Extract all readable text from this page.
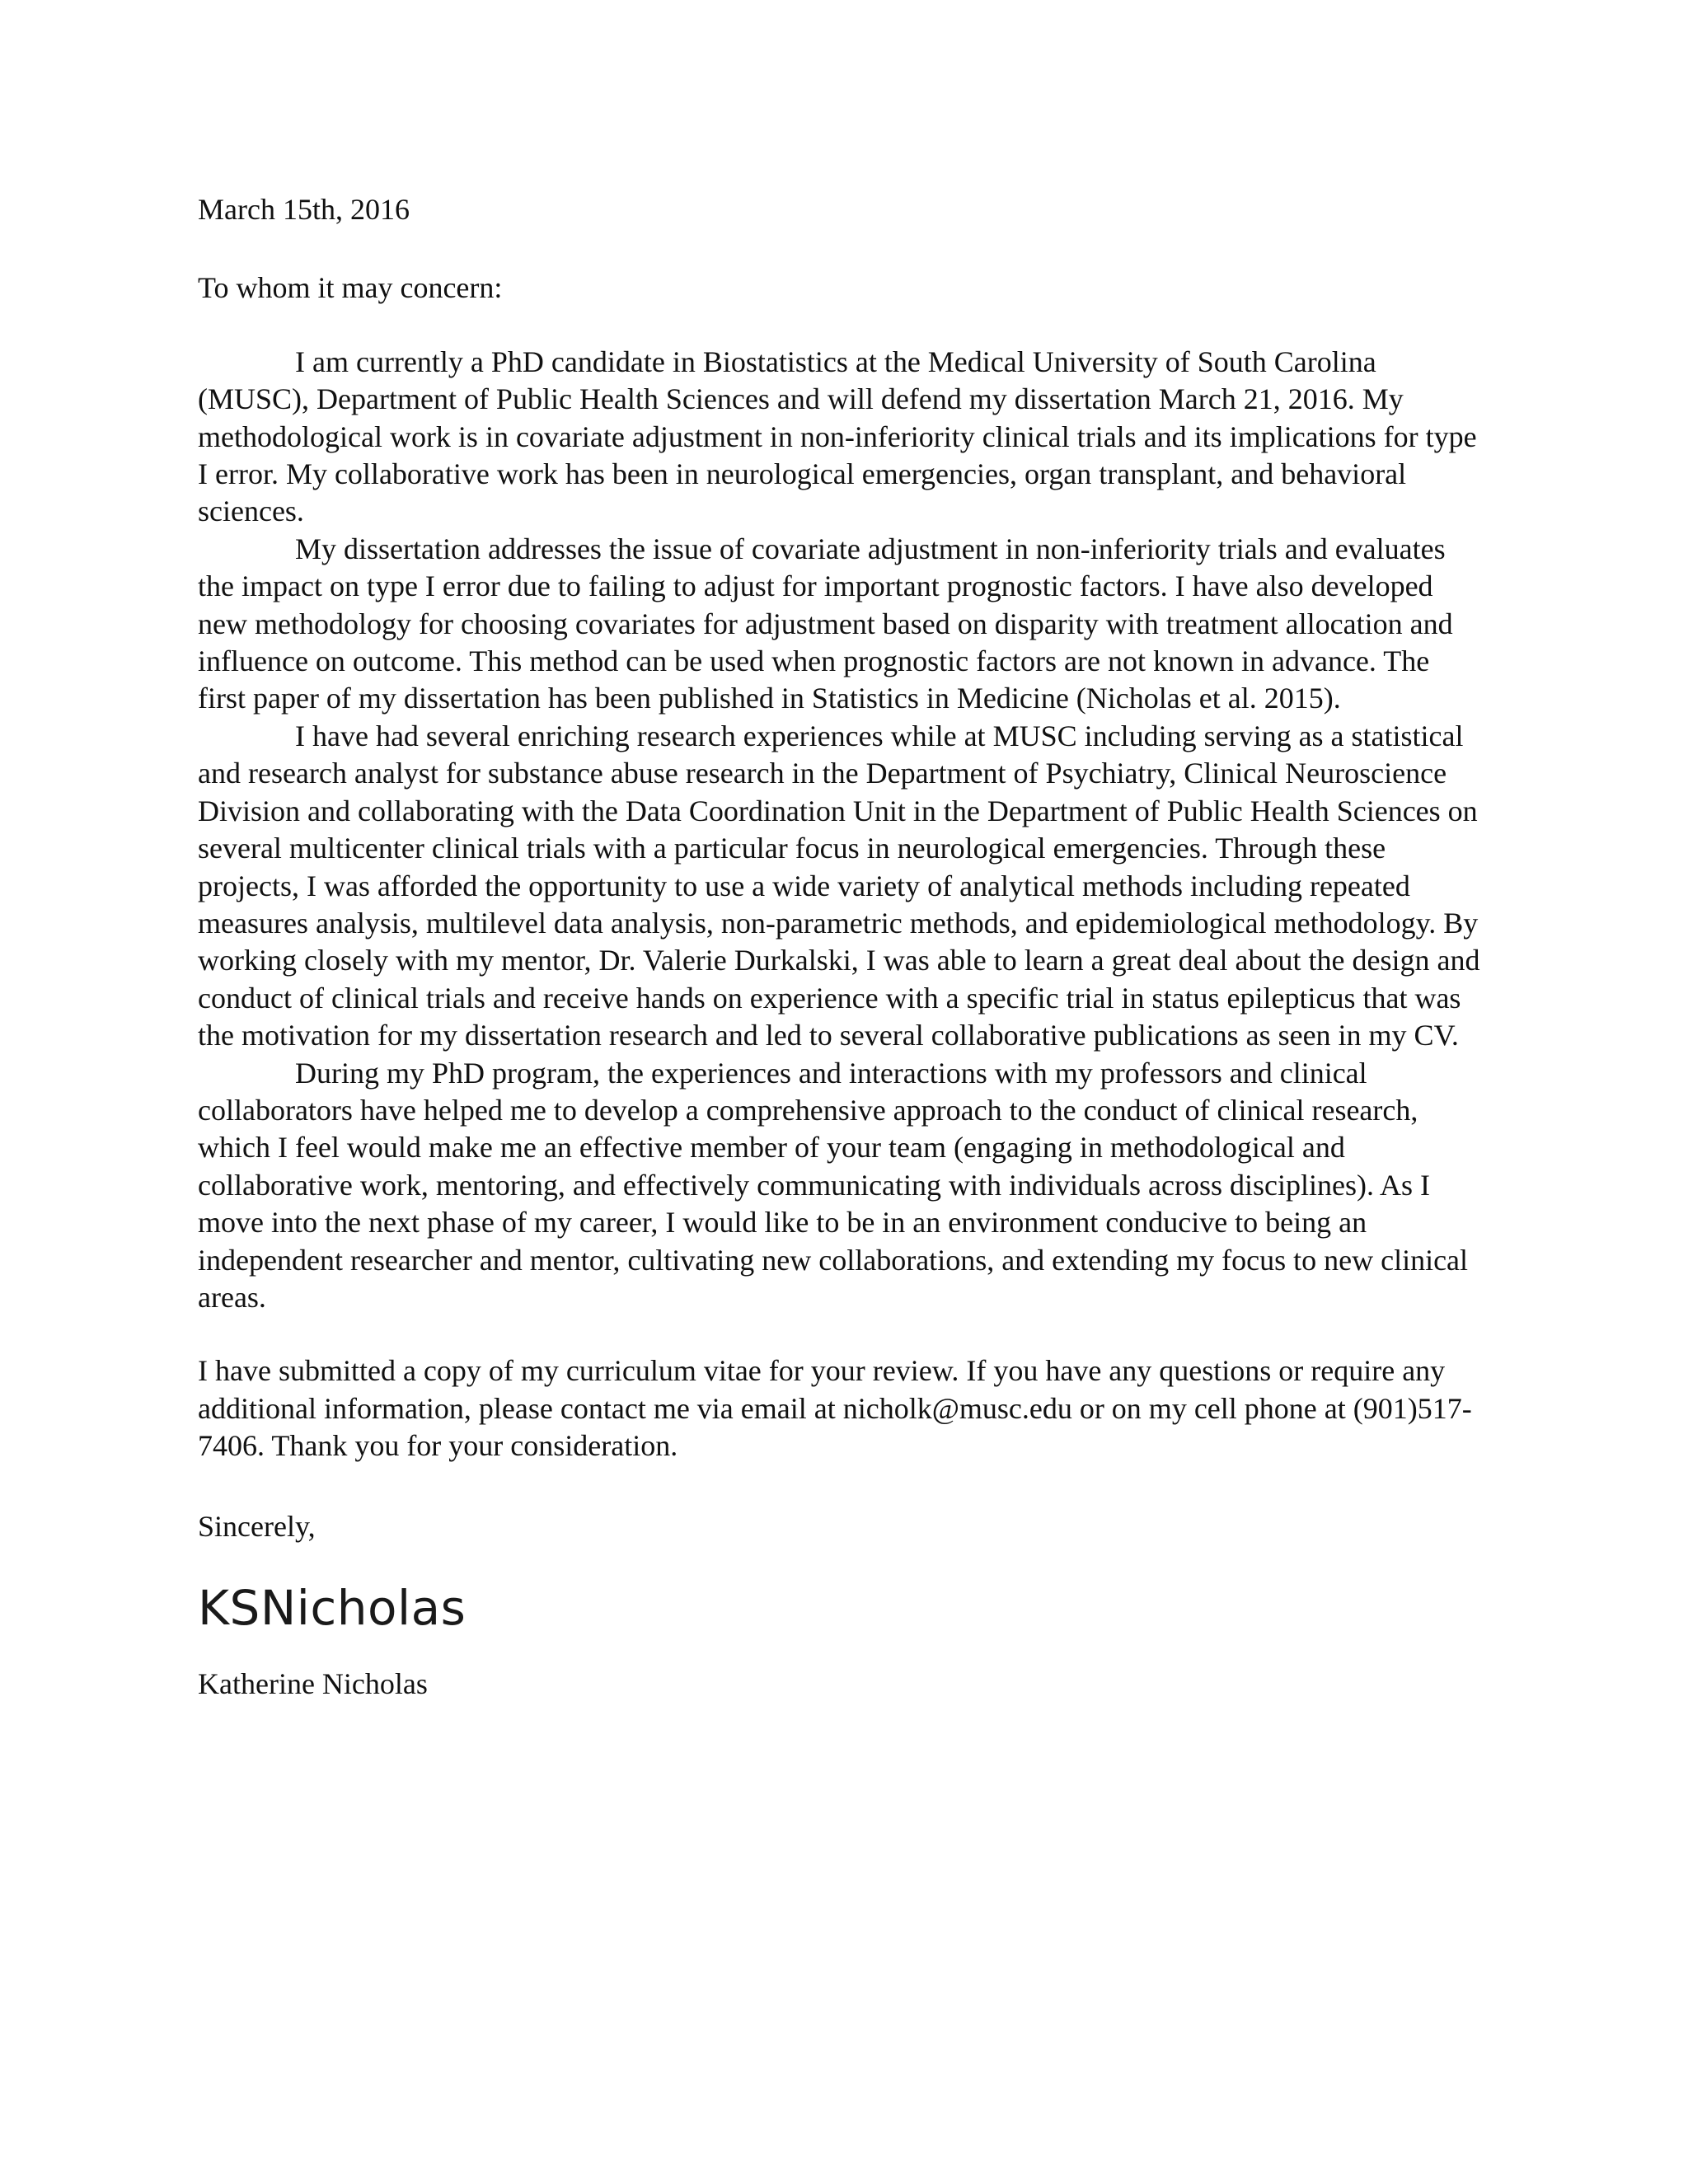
March 15th, 2016

To whom it may concern:

I am currently a PhD candidate in Biostatistics at the Medical University of South Carolina (MUSC), Department of Public Health Sciences and will defend my dissertation March 21, 2016. My methodological work is in covariate adjustment in non-inferiority clinical trials and its implications for type I error. My collaborative work has been in neurological emergencies, organ transplant, and behavioral sciences.

My dissertation addresses the issue of covariate adjustment in non-inferiority trials and evaluates the impact on type I error due to failing to adjust for important prognostic factors. I have also developed new methodology for choosing covariates for adjustment based on disparity with treatment allocation and influence on outcome. This method can be used when prognostic factors are not known in advance. The first paper of my dissertation has been published in Statistics in Medicine (Nicholas et al. 2015).

I have had several enriching research experiences while at MUSC including serving as a statistical and research analyst for substance abuse research in the Department of Psychiatry, Clinical Neuroscience Division and collaborating with the Data Coordination Unit in the Department of Public Health Sciences on several multicenter clinical trials with a particular focus in neurological emergencies. Through these projects, I was afforded the opportunity to use a wide variety of analytical methods including repeated measures analysis, multilevel data analysis, non-parametric methods, and epidemiological methodology. By working closely with my mentor, Dr. Valerie Durkalski, I was able to learn a great deal about the design and conduct of clinical trials and receive hands on experience with a specific trial in status epilepticus that was the motivation for my dissertation research and led to several collaborative publications as seen in my CV.

During my PhD program, the experiences and interactions with my professors and clinical collaborators have helped me to develop a comprehensive approach to the conduct of clinical research, which I feel would make me an effective member of your team (engaging in methodological and collaborative work, mentoring, and effectively communicating with individuals across disciplines). As I move into the next phase of my career, I would like to be in an environment conducive to being an independent researcher and mentor, cultivating new collaborations, and extending my focus to new clinical areas.

I have submitted a copy of my curriculum vitae for your review. If you have any questions or require any additional information, please contact me via email at nicholk@musc.edu or on my cell phone at (901)517-7406. Thank you for your consideration.

Sincerely,

KSNicholas

Katherine Nicholas
